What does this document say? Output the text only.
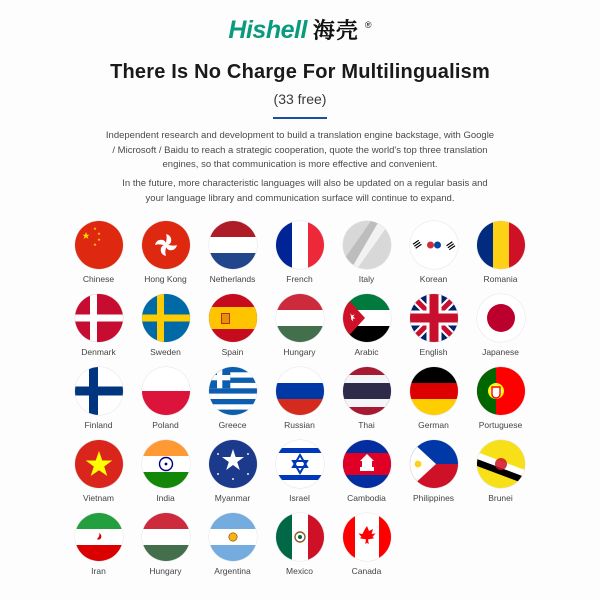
Hishell 海壳 ®
There Is No Charge For Multilingualism
(33 free)

Independent research and development to build a translation engine backstage, with Google / Microsoft / Baidu to reach a strategic cooperation, quote the world's top three translation engines, so that communication is more effective and convenient.

In the future, more characteristic languages will also be updated on a regular basis and your language library and communication surface will continue to expand.

Chinese	Hong Kong	Netherlands	French	Italy	Korean	Romania
Denmark	Sweden	Spain	Hungary	Arabic	English	Japanese
Finland	Poland	Greece	Russian	Thai	German	Portuguese
Vietnam	India	Myanmar	Israel	Cambodia	Philippines	Brunei
Iran	Hungary	Argentina	Mexico	Canada
